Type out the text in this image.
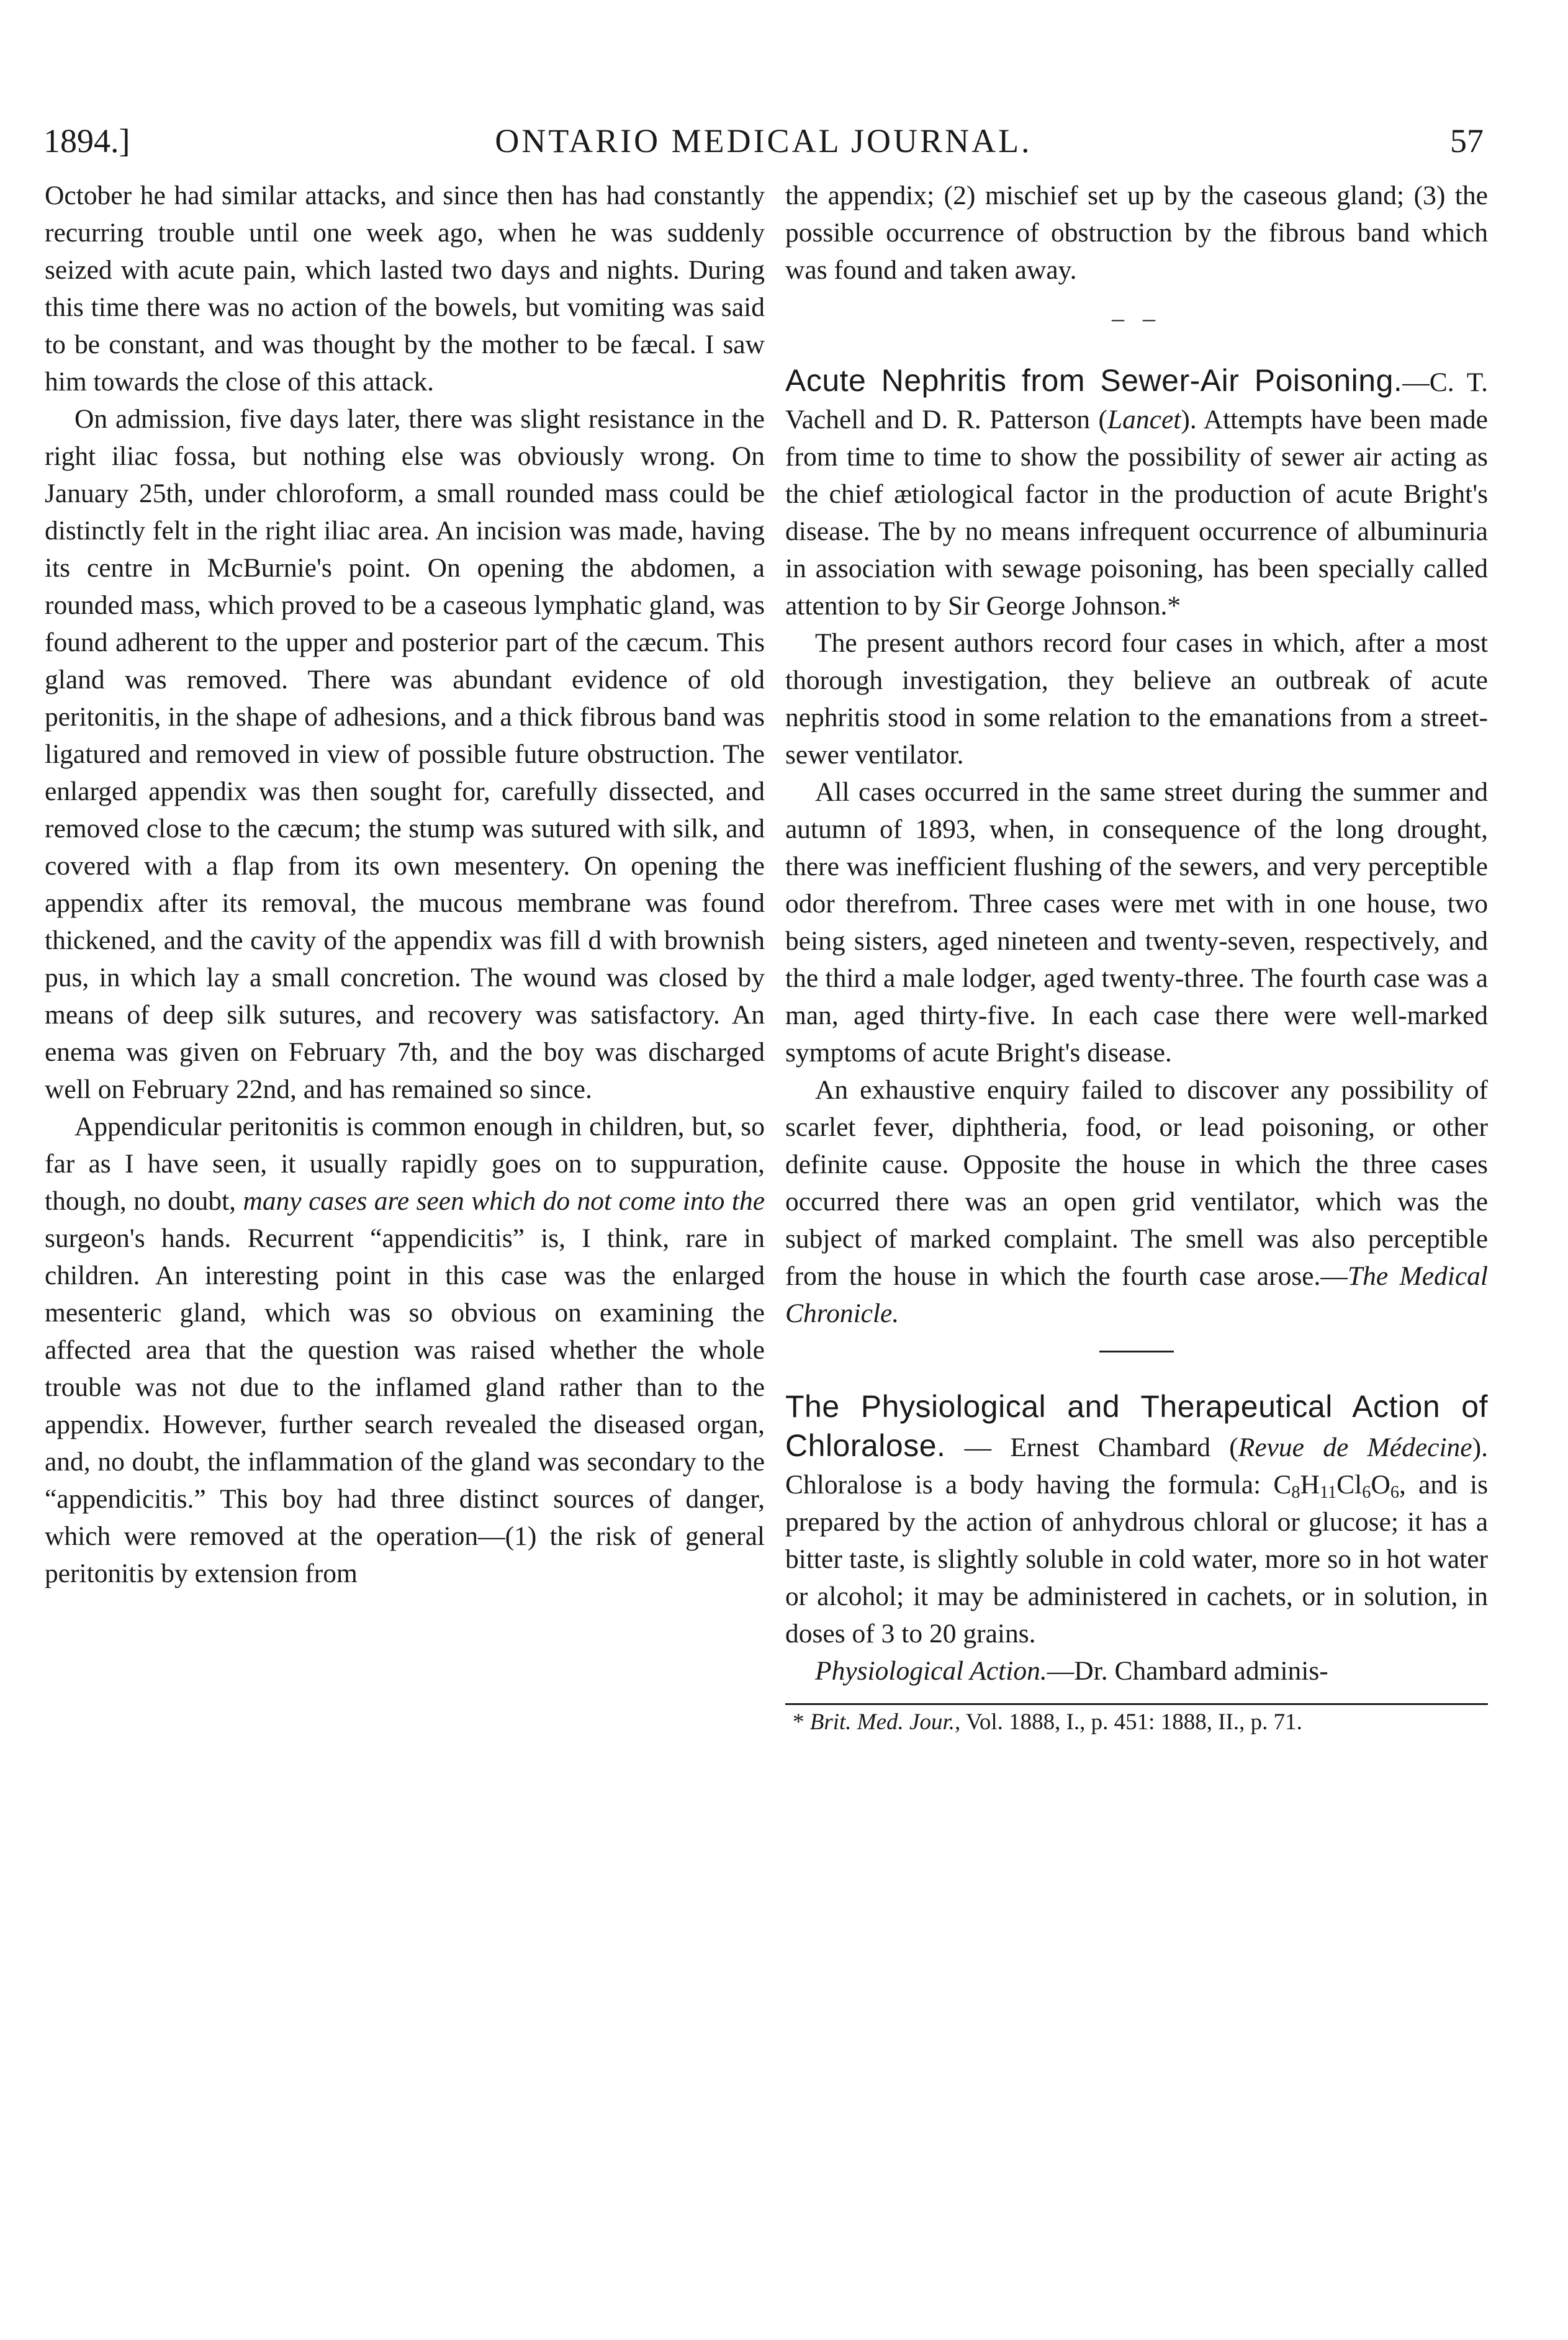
1894.]	ONTARIO MEDICAL JOURNAL.	57

October he had similar attacks, and since then has had constantly recurring trouble until one week ago, when he was suddenly seized with acute pain, which lasted two days and nights. During this time there was no action of the bowels, but vomiting was said to be constant, and was thought by the mother to be fæcal. I saw him towards the close of this attack.

On admission, five days later, there was slight resistance in the right iliac fossa, but nothing else was obviously wrong. On January 25th, under chloroform, a small rounded mass could be distinctly felt in the right iliac area. An incision was made, having its centre in McBurnie's point. On opening the abdomen, a rounded mass, which proved to be a caseous lymphatic gland, was found adherent to the upper and posterior part of the cæcum. This gland was removed. There was abundant evidence of old peritonitis, in the shape of adhesions, and a thick fibrous band was ligatured and removed in view of possible future obstruction. The enlarged appendix was then sought for, carefully dissected, and removed close to the cæcum; the stump was sutured with silk, and covered with a flap from its own mesentery. On opening the appendix after its removal, the mucous membrane was found thickened, and the cavity of the appendix was fill d with brownish pus, in which lay a small concretion. The wound was closed by means of deep silk sutures, and recovery was satisfactory. An enema was given on February 7th, and the boy was discharged well on February 22nd, and has remained so since.

Appendicular peritonitis is common enough in children, but, so far as I have seen, it usually rapidly goes on to suppuration, though, no doubt, many cases are seen which do not come into the surgeon's hands. Recurrent “appendicitis” is, I think, rare in children. An interesting point in this case was the enlarged mesenteric gland, which was so obvious on examining the affected area that the question was raised whether the whole trouble was not due to the inflamed gland rather than to the appendix. However, further search revealed the diseased organ, and, no doubt, the inflammation of the gland was secondary to the “appendicitis.” This boy had three distinct sources of danger, which were removed at the operation—(1) the risk of general peritonitis by extension from

the appendix; (2) mischief set up by the caseous gland; (3) the possible occurrence of obstruction by the fibrous band which was found and taken away.

– –

Acute Nephritis from Sewer-Air Poisoning.—C. T. Vachell and D. R. Patterson (Lancet). Attempts have been made from time to time to show the possibility of sewer air acting as the chief ætiological factor in the production of acute Bright's disease. The by no means infrequent occurrence of albuminuria in association with sewage poisoning, has been specially called attention to by Sir George Johnson.*

The present authors record four cases in which, after a most thorough investigation, they believe an outbreak of acute nephritis stood in some relation to the emanations from a street-sewer ventilator.

All cases occurred in the same street during the summer and autumn of 1893, when, in consequence of the long drought, there was inefficient flushing of the sewers, and very perceptible odor therefrom. Three cases were met with in one house, two being sisters, aged nineteen and twenty-seven, respectively, and the third a male lodger, aged twenty-three. The fourth case was a man, aged thirty-five. In each case there were well-marked symptoms of acute Bright's disease.

An exhaustive enquiry failed to discover any possibility of scarlet fever, diphtheria, food, or lead poisoning, or other definite cause. Opposite the house in which the three cases occurred there was an open grid ventilator, which was the subject of marked complaint. The smell was also perceptible from the house in which the fourth case arose.—The Medical Chronicle.

The Physiological and Therapeutical Action of Chloralose. — Ernest Chambard (Revue de Médecine). Chloralose is a body having the formula: $C_8H_{11}Cl_6O_6$, and is prepared by the action of anhydrous chloral or glucose; it has a bitter taste, is slightly soluble in cold water, more so in hot water or alcohol; it may be administered in cachets, or in solution, in doses of 3 to 20 grains.

Physiological Action.—Dr. Chambard adminis-

* Brit. Med. Jour., Vol. 1888, I., p. 451: 1888, II., p. 71.
